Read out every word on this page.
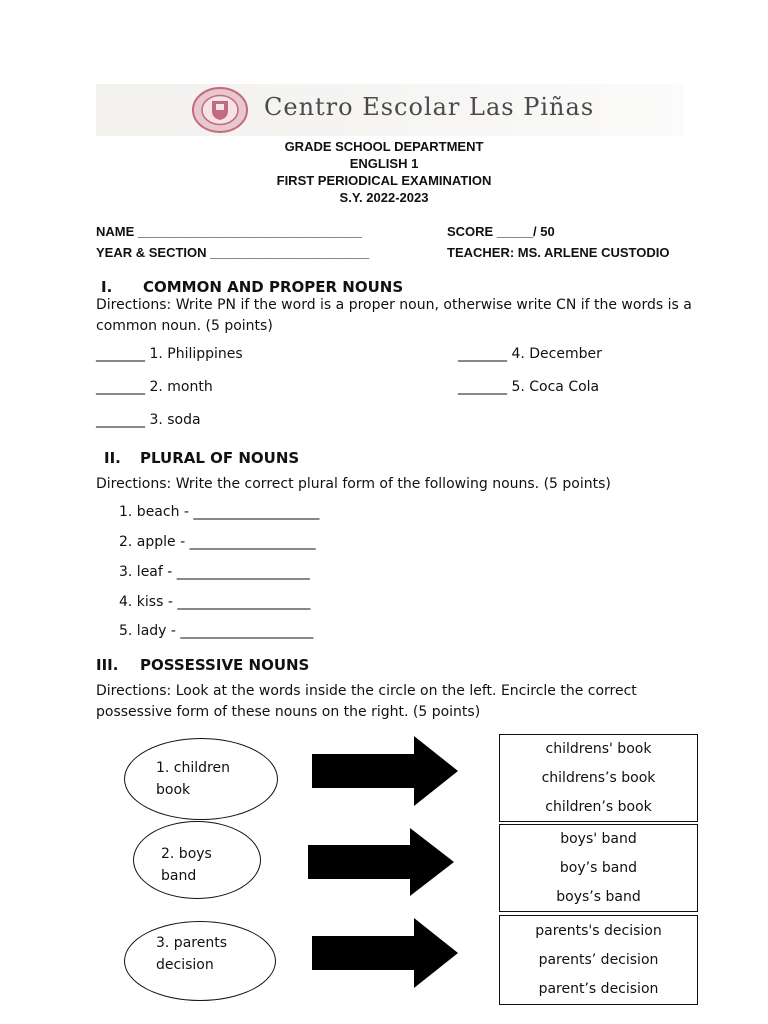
Centro Escolar Las Piñas
GRADE SCHOOL DEPARTMENT
ENGLISH 1
FIRST PERIODICAL EXAMINATION
S.Y. 2022-2023
NAME _______________________________	SCORE _____/ 50
YEAR & SECTION ______________________	TEACHER: MS. ARLENE CUSTODIO
I. COMMON AND PROPER NOUNS
Directions: Write PN if the word is a proper noun, otherwise write CN if the words is a common noun. (5 points)
_______ 1. Philippines
_______ 2. month
_______ 3. soda
_______ 4. December
_______ 5. Coca Cola
II. PLURAL OF NOUNS
Directions: Write the correct plural form of the following nouns. (5 points)
1. beach - __________________
2. apple - __________________
3. leaf - ___________________
4. kiss - ___________________
5. lady - ___________________
III. POSSESSIVE NOUNS
Directions: Look at the words inside the circle on the left. Encircle the correct possessive form of these nouns on the right. (5 points)
1. children
book
childrens' book
childrens’s book
children’s book
2. boys
band
boys' band
boy’s band
boys’s band
3. parents
decision
parents's decision
parents’ decision
parent’s decision
